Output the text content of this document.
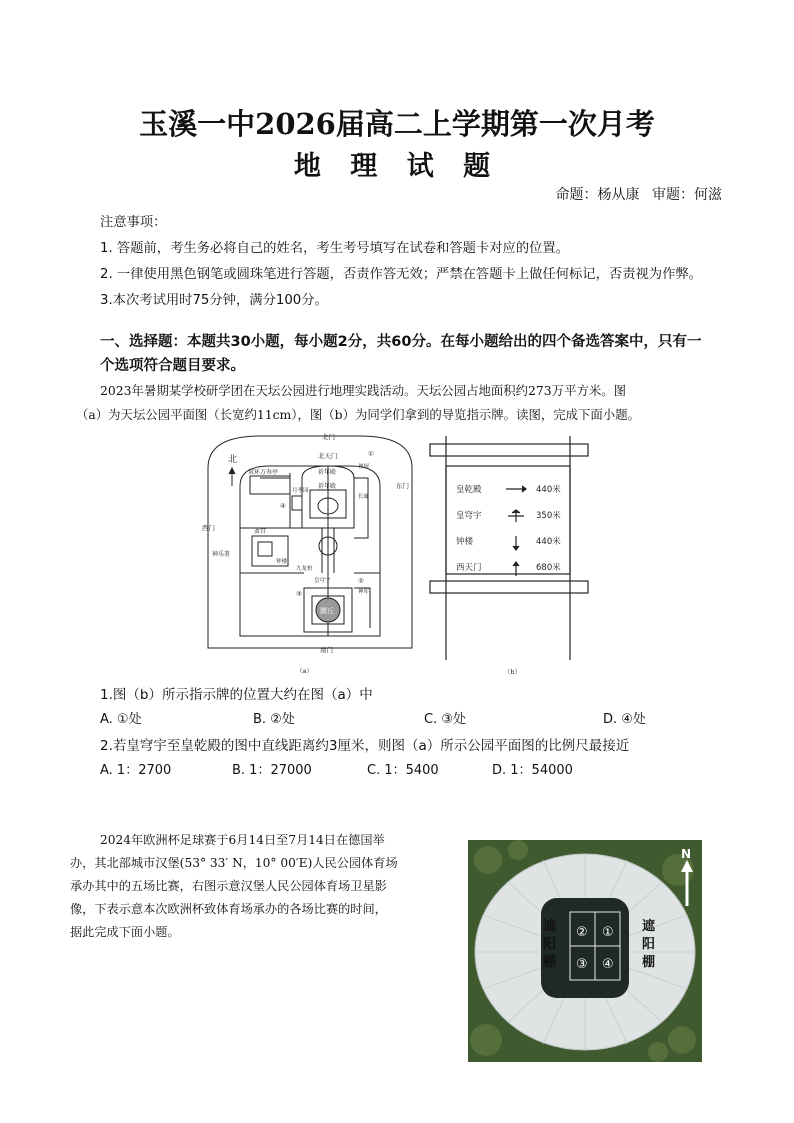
玉溪一中2026届高二上学期第一次月考
地 理 试 题
命题：杨从康 审题：何滋
注意事项：
1. 答题前，考生务必将自己的姓名，考生考号填写在试卷和答题卡对应的位置。
2. 一律使用黑色钢笔或圆珠笔进行答题，否责作答无效；严禁在答题卡上做任何标记，否责视为作弊。
3.本次考试用时75分钟，满分100分。
一、选择题：本题共30小题，每小题2分，共60分。在每小题给出的四个备选答案中，只有一
个选项符合题目要求。
2023年暑期某学校研学团在天坛公园进行地理实践活动。天坛公园占地面积约273万平方米。图
（a）为天坛公园平面图（长宽约11cm），图（b）为同学们拿到的导览指示牌。读图，完成下面小题。
北
北门
北天门
祈年殿
双环万寿亭
祈年殿
月季园
长廊
神厨
斋宫
钟楼
神乐署
九龙柏
皇穹宇
圜丘
神库
南门
西门
东门
①
②
③
④
（a）
皇乾殿	440米
皇穹宇	350米
钟楼	440米
西天门	680米
（b）
1.图（b）所示指示牌的位置大约在图（a）中
A. ①处	B. ②处	C. ③处	D. ④处
2.若皇穹宇至皇乾殿的图中直线距离约3厘米，则图（a）所示公园平面图的比例尺最接近
A. 1：2700	B. 1：27000	C. 1：5400	D. 1：54000
2024年欧洲杯足球赛于6月14日至7月14日在德国举
办，其北部城市汉堡(53° 33′ N，10° 00′E)人民公园体育场
承办其中的五场比赛，右图示意汉堡人民公园体育场卫星影
像，下表示意本次欧洲杯致体育场承办的各场比赛的时间，
据此完成下面小题。	①
②
③ ④
遮
阳
棚
遮
阳
棚
N
